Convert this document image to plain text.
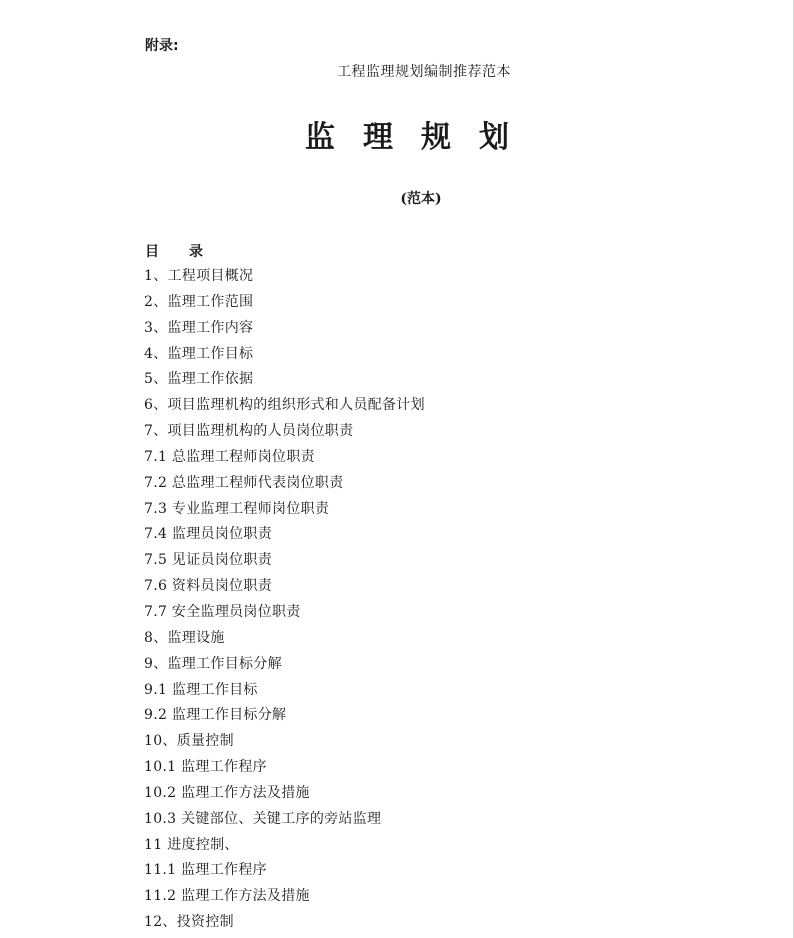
附录:
工程监理规划编制推荐范本
监理规划
(范本)
目录
1、工程项目概况
2、监理工作范围
3、监理工作内容
4、监理工作目标
5、监理工作依据
6、项目监理机构的组织形式和人员配备计划
7、项目监理机构的人员岗位职责
7.1 总监理工程师岗位职责
7.2 总监理工程师代表岗位职责
7.3 专业监理工程师岗位职责
7.4 监理员岗位职责
7.5 见证员岗位职责
7.6 资料员岗位职责
7.7 安全监理员岗位职责
8、监理设施
9、监理工作目标分解
9.1 监理工作目标
9.2 监理工作目标分解
10、质量控制
10.1 监理工作程序
10.2 监理工作方法及措施
10.3 关键部位、关键工序的旁站监理
11 进度控制、
11.1 监理工作程序
11.2 监理工作方法及措施
12、投资控制
